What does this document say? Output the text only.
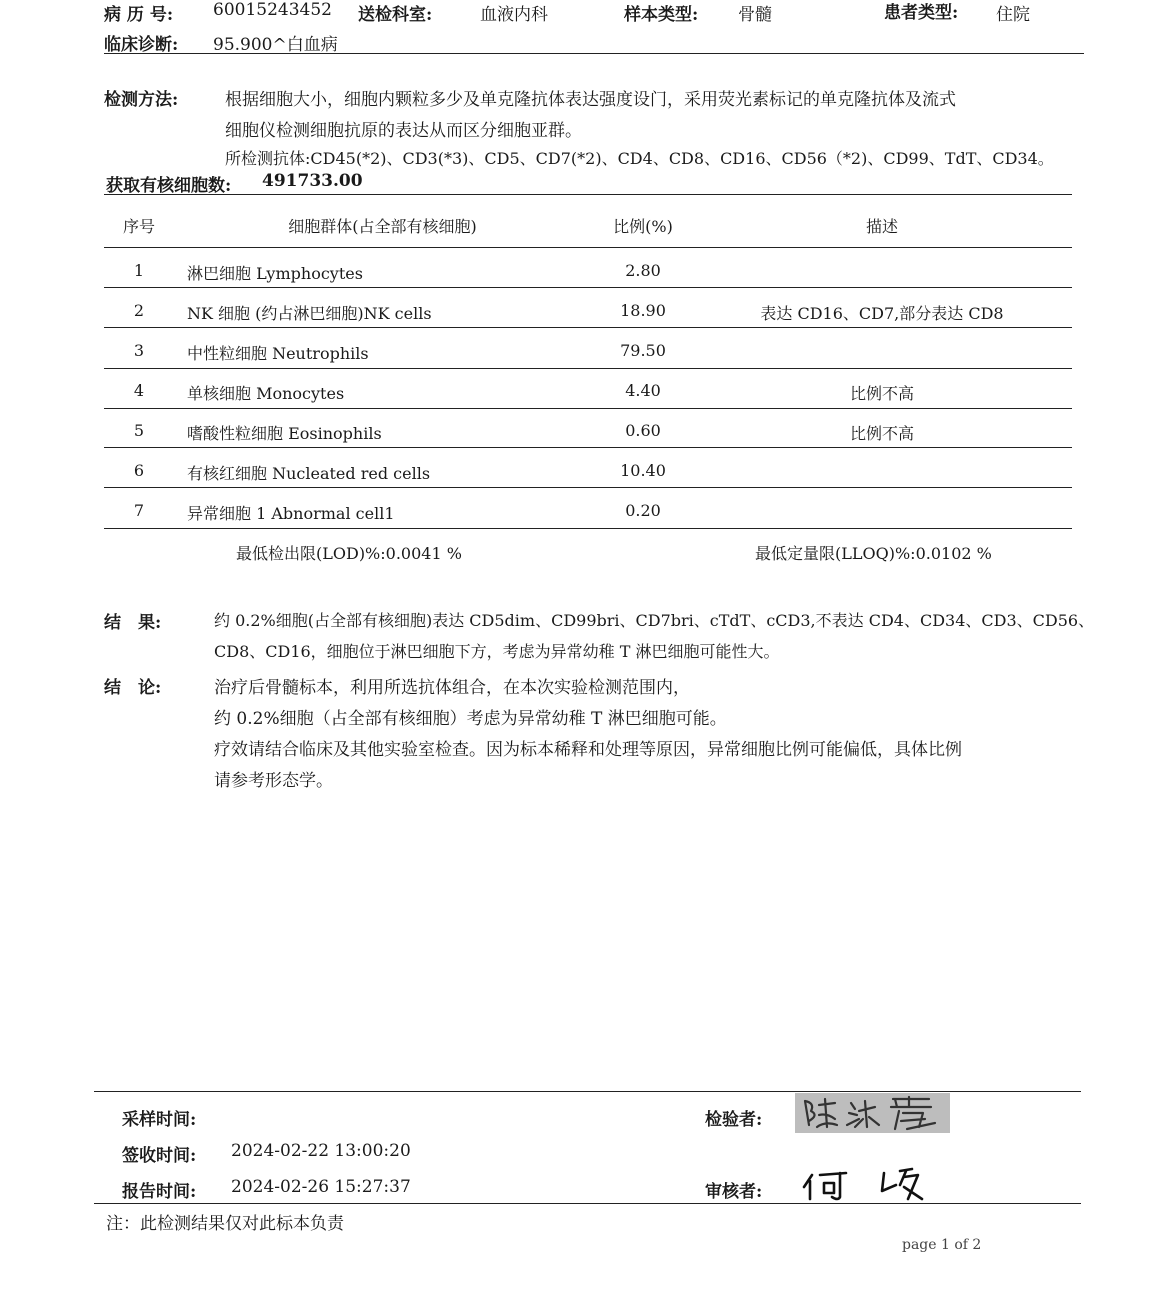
病 历 号: 60015243452 送检科室:	血液内科	样本类型: 骨髓	患者类型: 住院
临床诊断: 95.900^白血病
检测方法:	根据细胞大小，细胞内颗粒多少及单克隆抗体表达强度设门，采用荧光素标记的单克隆抗体及流式
细胞仪检测细胞抗原的表达从而区分细胞亚群。
所检测抗体:CD45(*2)、CD3(*3)、CD5、CD7(*2)、CD4、CD8、CD16、CD56（*2)、CD99、TdT、CD34。
获取有核细胞数: 491733.00
序号	细胞群体(占全部有核细胞)	比例(%)	描述
1	淋巴细胞 Lymphocytes	2.80
2	NK 细胞 (约占淋巴细胞)NK cells	18.90	表达 CD16、CD7,部分表达 CD8
3	中性粒细胞 Neutrophils	79.50
4	单核细胞 Monocytes	4.40	比例不高
5	嗜酸性粒细胞 Eosinophils	0.60	比例不高
6	有核红细胞 Nucleated red cells	10.40
7	异常细胞 1 Abnormal cell1	0.20
最低检出限(LOD)%:0.0041 %	最低定量限(LLOQ)%:0.0102 %
结　果:	约 0.2%细胞(占全部有核细胞)表达 CD5dim、CD99bri、CD7bri、cTdT、cCD3,不表达 CD4、CD34、CD3、CD56、
CD8、CD16，细胞位于淋巴细胞下方，考虑为异常幼稚 T 淋巴细胞可能性大。
结　论:	治疗后骨髓标本，利用所选抗体组合，在本次实验检测范围内，
约 0.2%细胞（占全部有核细胞）考虑为异常幼稚 T 淋巴细胞可能。
疗效请结合临床及其他实验室检查。因为标本稀释和处理等原因，异常细胞比例可能偏低，具体比例
请参考形态学。
采样时间:
签收时间: 2024-02-22 13:00:20
报告时间: 2024-02-26 15:27:37
检验者:
审核者:
注：此检测结果仅对此标本负责
page 1 of 2
